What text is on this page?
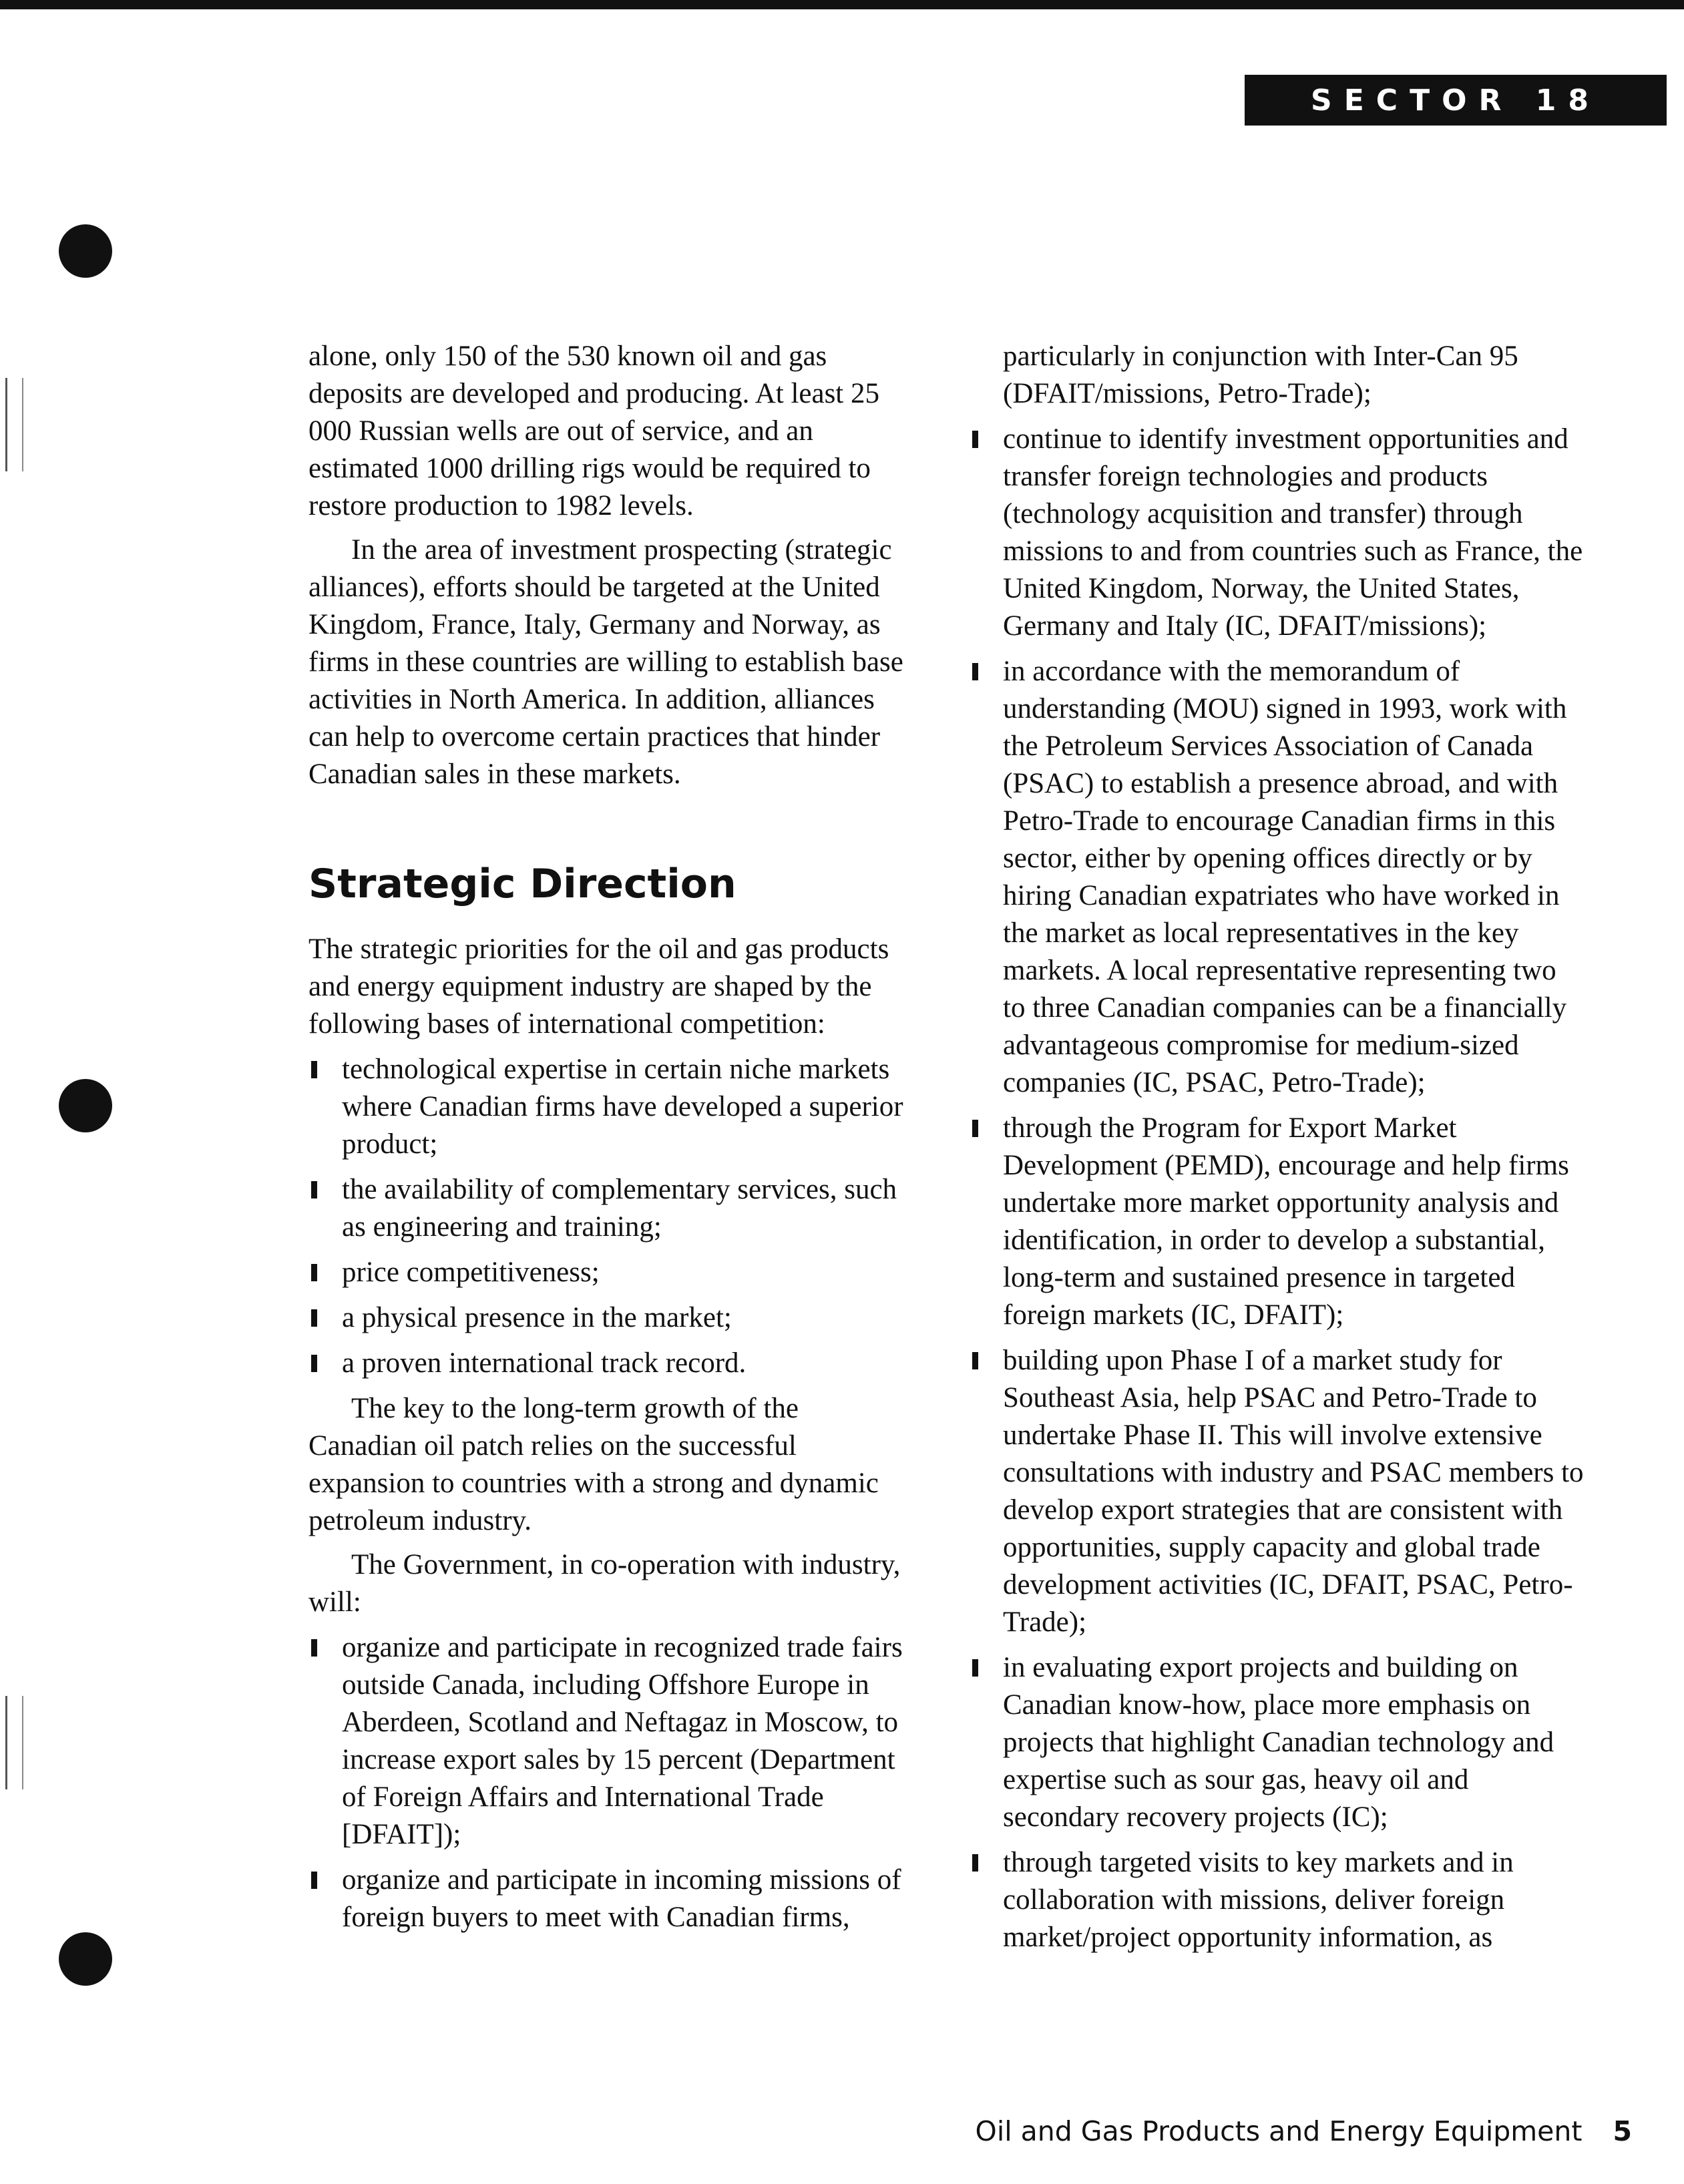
SECTOR 18

alone, only 150 of the 530 known oil and gas deposits are developed and producing. At least 25 000 Russian wells are out of service, and an estimated 1000 drilling rigs would be required to restore production to 1982 levels.

In the area of investment prospecting (strategic alliances), efforts should be targeted at the United Kingdom, France, Italy, Germany and Norway, as firms in these countries are willing to establish base activities in North America. In addition, alliances can help to overcome certain practices that hinder Canadian sales in these markets.

Strategic Direction

The strategic priorities for the oil and gas products and energy equipment industry are shaped by the following bases of international competition:

technological expertise in certain niche markets where Canadian firms have developed a superior product;
the availability of complementary services, such as engineering and training;
price competitiveness;
a physical presence in the market;
a proven international track record.

The key to the long-term growth of the Canadian oil patch relies on the successful expansion to countries with a strong and dynamic petroleum industry.

The Government, in co-operation with industry, will:

organize and participate in recognized trade fairs outside Canada, including Offshore Europe in Aberdeen, Scotland and Neftagaz in Moscow, to increase export sales by 15 percent (Department of Foreign Affairs and International Trade [DFAIT]);
organize and participate in incoming missions of foreign buyers to meet with Canadian firms,

particularly in conjunction with Inter-Can 95 (DFAIT/missions, Petro-Trade);

continue to identify investment opportunities and transfer foreign technologies and products (technology acquisition and transfer) through missions to and from countries such as France, the United Kingdom, Norway, the United States, Germany and Italy (IC, DFAIT/missions);
in accordance with the memorandum of understanding (MOU) signed in 1993, work with the Petroleum Services Association of Canada (PSAC) to establish a presence abroad, and with Petro-Trade to encourage Canadian firms in this sector, either by opening offices directly or by hiring Canadian expatriates who have worked in the market as local representatives in the key markets. A local representative representing two to three Canadian companies can be a financially advantageous compromise for medium-sized companies (IC, PSAC, Petro-Trade);
through the Program for Export Market Development (PEMD), encourage and help firms undertake more market opportunity analysis and identification, in order to develop a substantial, long-term and sustained presence in targeted foreign markets (IC, DFAIT);
building upon Phase I of a market study for Southeast Asia, help PSAC and Petro-Trade to undertake Phase II. This will involve extensive consultations with industry and PSAC members to develop export strategies that are consistent with opportunities, supply capacity and global trade development activities (IC, DFAIT, PSAC, Petro-Trade);
in evaluating export projects and building on Canadian know-how, place more emphasis on projects that highlight Canadian technology and expertise such as sour gas, heavy oil and secondary recovery projects (IC);
through targeted visits to key markets and in collaboration with missions, deliver foreign market/project opportunity information, as
Oil and Gas Products and Energy Equipment 5
